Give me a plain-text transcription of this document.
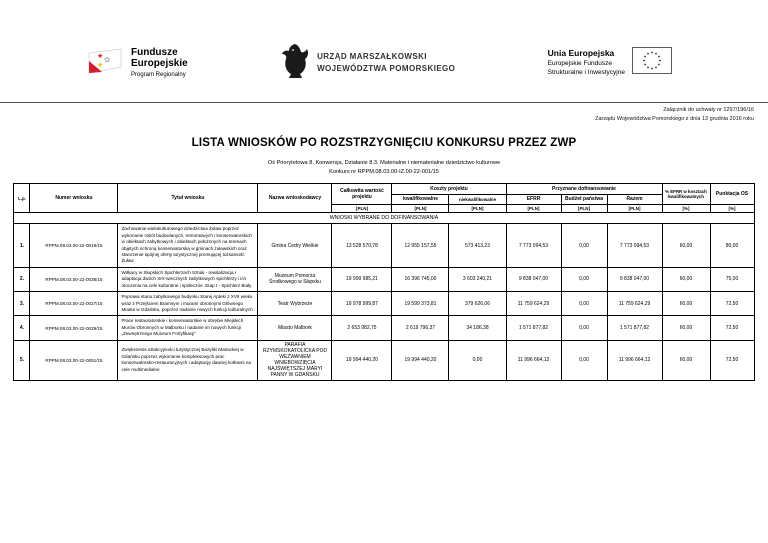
★
★
★
Fundusze
Europejskie
Program Regionalny
URZĄD MARSZAŁKOWSKI
WOJEWÓDZTWA POMORSKIEGO
Unia Europejska
Europejskie Fundusze
Strukturalne i Inwestycyjne
Załącznik do uchwały nr 1297/196/16
Zarządu Województwa Pomorskiego z dnia 13 grudnia 2016 roku
LISTA WNIOSKÓW PO ROZSTRZYGNIĘCIU KONKURSU PRZEZ ZWP
Oś Priorytetowa 8. Konwersja, Działanie 8.3. Materialne i niematerialne dziedzictwo kulturowe
Konkurs nr RPPM.08.03.00-IZ.00-22-001/15
L.p.	Numer wniosku	Tytuł wniosku	Nazwa wnioskodawcy	Całkowita wartość projektu	Koszty projektu		Przyznane dofinansowanie			% EFRR w kosztach kwalifikowalnych	Punktacja OS
					kwalifikowalne	niekwalifikowalne	EFRR	Budżet państwa	Razem		
				[PLN]	[PLN]	[PLN]	[PLN]	[PLN]	[PLN]	[%]	[%]
WNIOSKI WYBRANE DO DOFINANSOWANIA											
1.	RPPM.08.03.00-22-0018/15	Zachowanie wielokulturowego dziedzictwa Żuław poprzez wykonanie robót budowlanych, remontowych i konserwatorskich w obiektach zabytkowych i obiektach położonych na terenach objętych ochroną konserwatorską w gminach żuławskich oraz stworzenie spójnej oferty turystycznej promującej tożsamość Żuław	Gmina Cedry Wielkie	13 528 570,78	12 955 157,55	573 413,23	7 773 094,53	0,00	7 773 094,53	60,00	80,00
2.	RPPM.08.03.00-22-0038/15	Witkacy w Słupskich Spichlerzach Sztuki - rewitalizacja i adaptacja dwóch XIX-wiecznych zabytkowych spichlerzy i ich otoczenia na cele kulturalne i społeczne. Etap I - Spichlerz Biały	Muzeum Pomorza Środkowego w Słupsku	19 999 985,21	16 396 745,00	3 603 240,21	9 838 047,00	0,00	9 838 047,00	60,00	75,00
3.	RPPM.08.03.00-22-0027/15	Poprawa stanu zabytkowego budynku Starej Apteki z XVII wieku wraz z Przejściem Bramnym i murami obronnymi Głównego Miasta w Gdańsku, poprzez nadanie nowych funkcji kulturalnych	Teatr Wybrzeże	19 978 999,87	19 599 373,81	379 626,06	11 759 624,29	0,00	11 759 624,29	60,00	72,50
4.	RPPM.08.03.00-22-0029/15	Prace restauratorskie i konserwatorskie w obrębie Miejskich Murów Obronnych w Malborku i nadanie im nowych funkcji „Zewnętrznego Muzeum Fortyfikacji”	Miasto Malbork	2 653 982,75	2 619 796,37	34 186,38	1 571 877,82	0,00	1 571 877,82	60,00	72,50
5.	RPPM.08.03.00-22-0051/15	Zwiększenie atrakcyjności turystycznej Bazyliki Mariackiej w Gdańsku poprzez wykonanie kompleksowych prac konserwatorsko-restauracyjnych i adaptację dawnej kotłowni na cele multimedialne	PARAFIA RZYMSKOKATOLICKA POD WEZWANIEM WNIEBOWZIĘCIA NAJŚWIĘTSZEJ MARYI PANNY W GDAŃSKU	19 994 440,20	19 994 440,20	0,00	11 996 664,12	0,00	11 996 664,12	60,00	72,50
